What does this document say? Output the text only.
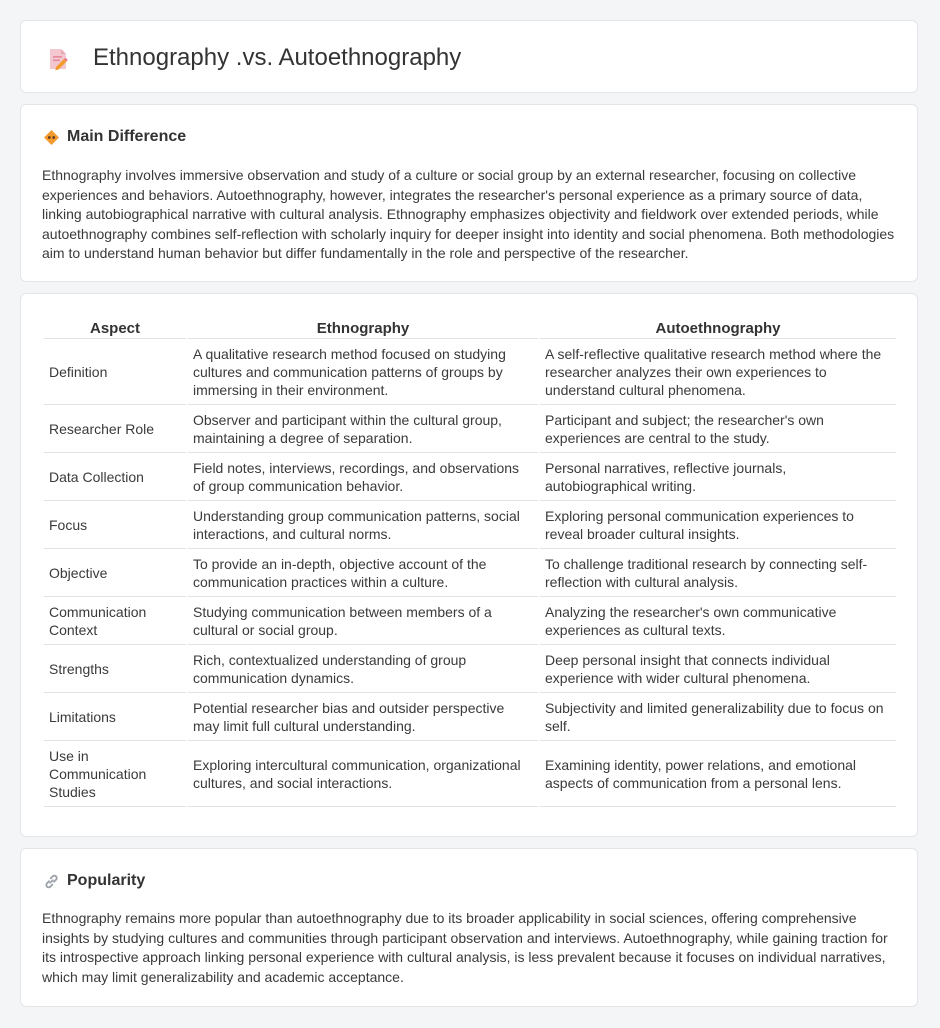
Ethnography .vs. Autoethnography
Main Difference

Ethnography involves immersive observation and study of a culture or social group by an external researcher, focusing on collective experiences and behaviors. Autoethnography, however, integrates the researcher's personal experience as a primary source of data, linking autobiographical narrative with cultural analysis. Ethnography emphasizes objectivity and fieldwork over extended periods, while autoethnography combines self-reflection with scholarly inquiry for deeper insight into identity and social phenomena. Both methodologies aim to understand human behavior but differ fundamentally in the role and perspective of the researcher.

Aspect	Ethnography	Autoethnography
Definition	A qualitative research method focused on studying cultures and communication patterns of groups by immersing in their environment.	A self-reflective qualitative research method where the researcher analyzes their own experiences to understand cultural phenomena.
Researcher Role	Observer and participant within the cultural group, maintaining a degree of separation.	Participant and subject; the researcher's own experiences are central to the study.
Data Collection	Field notes, interviews, recordings, and observations of group communication behavior.	Personal narratives, reflective journals, autobiographical writing.
Focus	Understanding group communication patterns, social interactions, and cultural norms.	Exploring personal communication experiences to reveal broader cultural insights.
Objective	To provide an in-depth, objective account of the communication practices within a culture.	To challenge traditional research by connecting self-reflection with cultural analysis.
Communication Context	Studying communication between members of a cultural or social group.	Analyzing the researcher's own communicative experiences as cultural texts.
Strengths	Rich, contextualized understanding of group communication dynamics.	Deep personal insight that connects individual experience with wider cultural phenomena.
Limitations	Potential researcher bias and outsider perspective may limit full cultural understanding.	Subjectivity and limited generalizability due to focus on self.
Use in Communication Studies	Exploring intercultural communication, organizational cultures, and social interactions.	Examining identity, power relations, and emotional aspects of communication from a personal lens.
Popularity

Ethnography remains more popular than autoethnography due to its broader applicability in social sciences, offering comprehensive insights by studying cultures and communities through participant observation and interviews. Autoethnography, while gaining traction for its introspective approach linking personal experience with cultural analysis, is less prevalent because it focuses on individual narratives, which may limit generalizability and academic acceptance.
